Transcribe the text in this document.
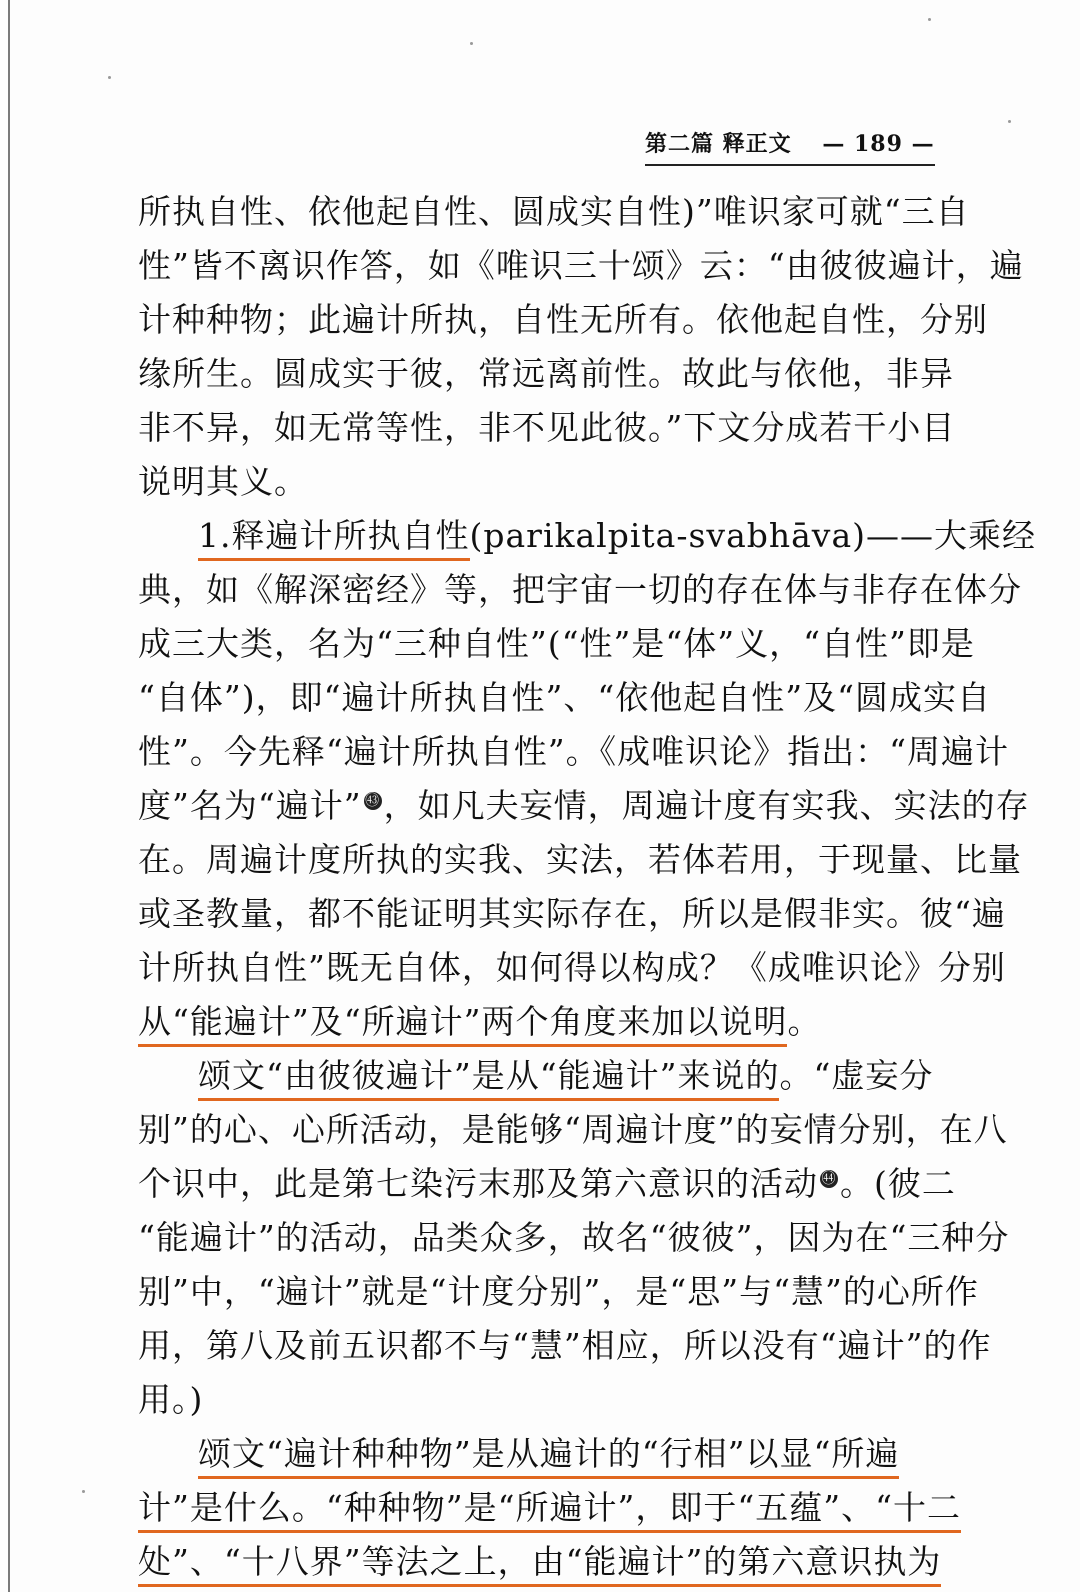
第二篇 释正文 — 189 —
所执自性、依他起自性、圆成实自性)”唯识家可就“三自
性”皆不离识作答，如《唯识三十颂》云：“由彼彼遍计，遍
计种种物；此遍计所执，自性无所有。依他起自性，分别
缘所生。圆成实于彼，常远离前性。故此与依他，非异
非不异，如无常等性，非不见此彼。”下文分成若干小目
说明其义。
1.释遍计所执自性(parikalpita-svabhāva)——大乘经
典，如《解深密经》等，把宇宙一切的存在体与非存在体分
成三大类，名为“三种自性”(“性”是“体”义，“自性”即是
“自体”)，即“遍计所执自性”、“依他起自性”及“圆成实自
性”。今先释“遍计所执自性”。《成唯识论》指出：“周遍计
度”名为“遍计” ㊸ ，如凡夫妄情，周遍计度有实我、实法的存
在。周遍计度所执的实我、实法，若体若用，于现量、比量
或圣教量，都不能证明其实际存在，所以是假非实。彼“遍
计所执自性”既无自体，如何得以构成？《成唯识论》分别
从“能遍计”及“所遍计”两个角度来加以说明。
颂文“由彼彼遍计”是从“能遍计”来说的。“虚妄分
别”的心、心所活动，是能够“周遍计度”的妄情分别，在八
个识中，此是第七染污末那及第六意识的活动 ㊹ 。(彼二
“能遍计”的活动，品类众多，故名“彼彼”，因为在“三种分
别”中，“遍计”就是“计度分别”，是“思”与“慧”的心所作
用，第八及前五识都不与“慧”相应，所以没有“遍计”的作
用。)
颂文“遍计种种物”是从遍计的“行相”以显“所遍
计”是什么。“种种物”是“所遍计”，即于“五蕴”、“十二
处”、“十八界”等法之上，由“能遍计”的第六意识执为
